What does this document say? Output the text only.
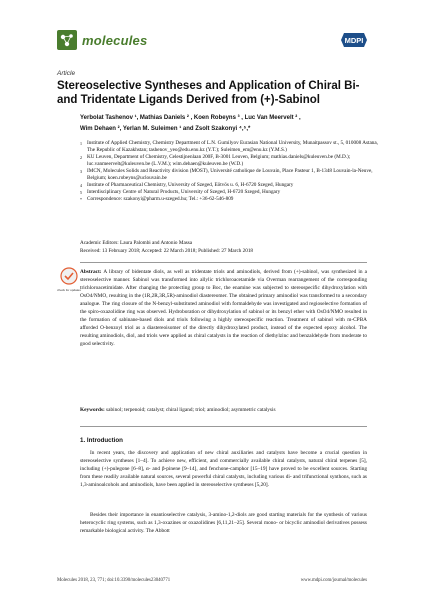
molecules	MDPI
Article
Stereoselective Syntheses and Application of Chiral Bi- and Tridentate Ligands Derived from (+)-Sabinol
Yerbolat Tashenov ¹, Mathias Daniels ² , Koen Robeyns ³ , Luc Van Meervelt ² ,
Wim Dehaen ², Yerlan M. Suleimen ¹ and Zsolt Szakonyi ⁴,⁵,*
1 Institute of Applied Chemistry, Chemistry Department of L.N. Gumilyov Eurasian National University, Munaitpassov st., 5, 010008 Astana, The Republic of Kazakhstan; tashenov_yeo@edu.enu.kz (Y.T.); Suleimen_em@enu.kz (Y.M.S.)
2 KU Leuven, Department of Chemistry, Celestijnenlaan 200F, B-3001 Leuven, Belgium; mathias.daniels@kuleuven.be (M.D.); luc.vanmeervelt@kuleuven.be (L.V.M.); wim.dehaen@kuleuven.be (W.D.)
3 IMCN, Molecules Solids and Reactivity division (MOST), Université catholique de Louvain, Place Pasteur 1, B-1348 Louvain-la-Neuve, Belgium; koen.robeyns@uclouvain.be
4 Institute of Pharmaceutical Chemistry, University of Szeged, Eötvös u. 6, H-6720 Szeged, Hungary
5 Interdisciplinary Centre of Natural Products, University of Szeged, H-6720 Szeged, Hungary
* Correspondence: szakonyi@pharm.u-szeged.hu; Tel.: +36-62-546-809
Academic Editors: Laura Palombi and Antonio Massa
Received: 13 February 2018; Accepted: 22 March 2018; Published: 27 March 2018
check for updates

Abstract: A library of bidentate diols, as well as tridentate triols and aminodiols, derived from (+)-sabinol, was synthesized in a stereoselective manner. Sabinol was transformed into allylic trichloroacetamide via Overman rearrangement of the corresponding trichloroacetimidate. After changing the protecting group to Boc, the enamine was subjected to stereospecific dihydroxylation with OsO4/NMO, resulting in the (1R,2R,3R,5R)-aminodiol diastereomer. The obtained primary aminodiol was transformed to a secondary analogue. The ring closure of the N-benzyl-substituted aminodiol with formaldehyde was investigated and regioselective formation of the spiro-oxazolidine ring was observed. Hydroboration or dihydroxylation of sabinol or its benzyl ether with OsO4/NMO resulted in the formation of sabinane-based diols and triols following a highly stereospecific reaction. Treatment of sabinol with m-CPBA afforded O-benzoyl triol as a diastereoisomer of the directly dihydroxylated product, instead of the expected epoxy alcohol. The resulting aminodiols, diol, and triols were applied as chiral catalysts in the reaction of diethylzinc and benzaldehyde from moderate to good selectivity.

Keywords: sabinol; terpenoid; catalyst; chiral ligand; triol; aminodiol; asymmetric catalysis
1. Introduction

In recent years, the discovery and application of new chiral auxiliaries and catalysts have become a crucial question in stereoselective syntheses [1–4]. To achieve new, efficient, and commercially available chiral catalysts, natural chiral terpenes [5], including (+)-pulegone [6–8], α- and β-pinene [9–14], and fenchone-camphor [15–19] have proved to be excellent sources. Starting from these readily available natural sources, several powerful chiral catalysts, including various di- and trifunctional synthons, such as 1,3-aminoalcohols and aminodiols, have been applied in stereoselective syntheses [5,20].

Besides their importance in enantioselective catalysis, 3-amino-1,2-diols are good starting materials for the synthesis of various heterocyclic ring systems, such as 1,3-oxazines or oxazolidines [6,11,21–25]. Several mono- or bicyclic aminodiol derivatives possess remarkable biological activity. The Abbott

Molecules 2018, 23, 771; doi:10.3390/molecules23040771	www.mdpi.com/journal/molecules
